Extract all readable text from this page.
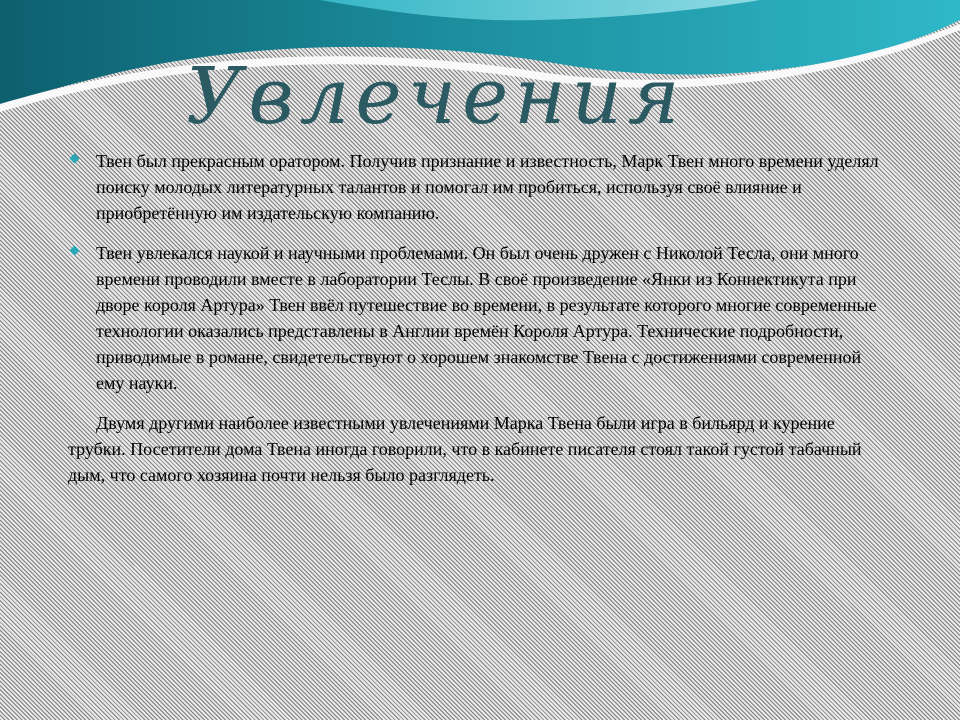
Увлечения
Твен был прекрасным оратором. Получив признание и известность, Марк Твен много времени уделял поиску молодых литературных талантов и помогал им пробиться, используя своё влияние и приобретённую им издательскую компанию.
Твен увлекался наукой и научными проблемами. Он был очень дружен с Николой Тесла, они много времени проводили вместе в лаборатории Теслы. В своё произведение «Янки из Коннектикута при дворе короля Артура» Твен ввёл путешествие во времени, в результате которого многие современные технологии оказались представлены в Англии времён Короля Артура. Технические подробности, приводимые в романе, свидетельствуют о хорошем знакомстве Твена с достижениями современной ему науки.

Двумя другими наиболее известными увлечениями Марка Твена были игра в бильярд и курение трубки. Посетители дома Твена иногда говорили, что в кабинете писателя стоял такой густой табачный дым, что самого хозяина почти нельзя было разглядеть.
